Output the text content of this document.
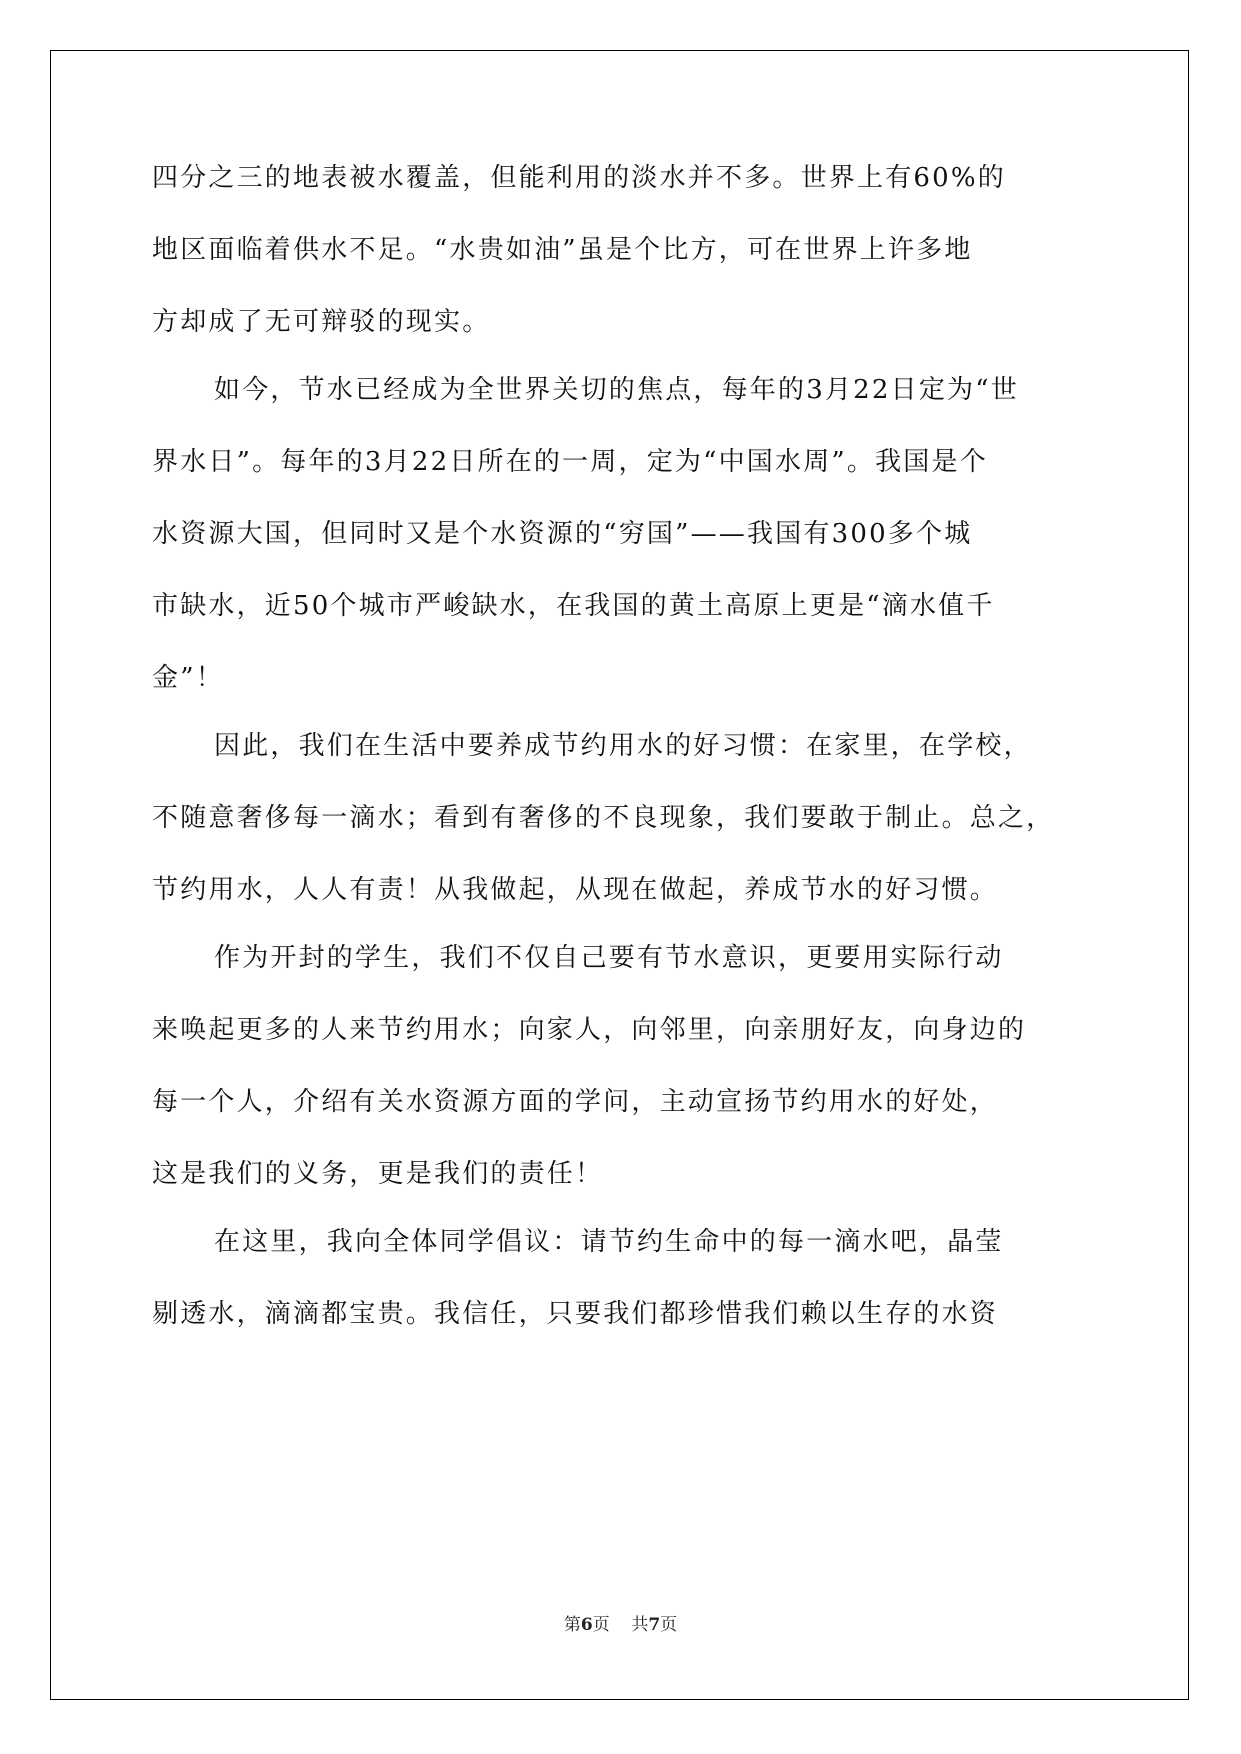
四分之三的地表被水覆盖，但能利用的淡水并不多。世界上有60%的
地区面临着供水不足。“水贵如油”虽是个比方，可在世界上许多地
方却成了无可辩驳的现实。
如今，节水已经成为全世界关切的焦点，每年的3月22日定为“世
界水日”。每年的3月22日所在的一周，定为“中国水周”。我国是个
水资源大国，但同时又是个水资源的“穷国”——我国有300多个城
市缺水，近50个城市严峻缺水，在我国的黄土高原上更是“滴水值千
金”！
因此，我们在生活中要养成节约用水的好习惯：在家里，在学校，
不随意奢侈每一滴水；看到有奢侈的不良现象，我们要敢于制止。总之，
节约用水，人人有责！从我做起，从现在做起，养成节水的好习惯。
作为开封的学生，我们不仅自己要有节水意识，更要用实际行动
来唤起更多的人来节约用水；向家人，向邻里，向亲朋好友，向身边的
每一个人，介绍有关水资源方面的学问，主动宣扬节约用水的好处，
这是我们的义务，更是我们的责任！
在这里，我向全体同学倡议：请节约生命中的每一滴水吧，晶莹
剔透水，滴滴都宝贵。我信任，只要我们都珍惜我们赖以生存的水资
第6页 共7页
